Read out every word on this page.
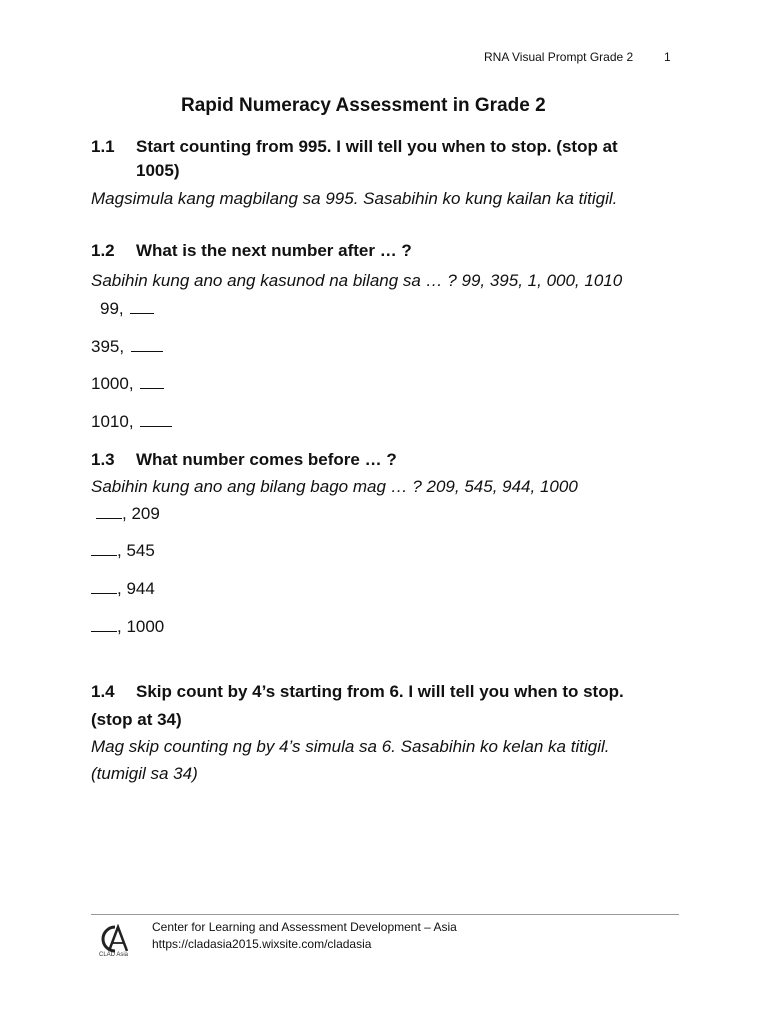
RNA Visual Prompt Grade 2	1
Rapid Numeracy Assessment in Grade 2
1.1 Start counting from 995. I will tell you when to stop. (stop at
1005)
Magsimula kang magbilang sa 995. Sasabihin ko kung kailan ka titigil.
1.2 What is the next number after … ?
Sabihin kung ano ang kasunod na bilang sa … ? 99, 395, 1, 000, 1010
99,
395,
1000,
1010,
1.3 What number comes before … ?
Sabihin kung ano ang bilang bago mag … ? 209, 545, 944, 1000
, 209
, 545
, 944
, 1000
1.4 Skip count by 4’s starting from 6. I will tell you when to stop.
(stop at 34)
Mag skip counting ng by 4’s simula sa 6. Sasabihin ko kelan ka titigil.
(tumigil sa 34)
CLAD Asia
Center for Learning and Assessment Development – Asia
https://cladasia2015.wixsite.com/cladasia
